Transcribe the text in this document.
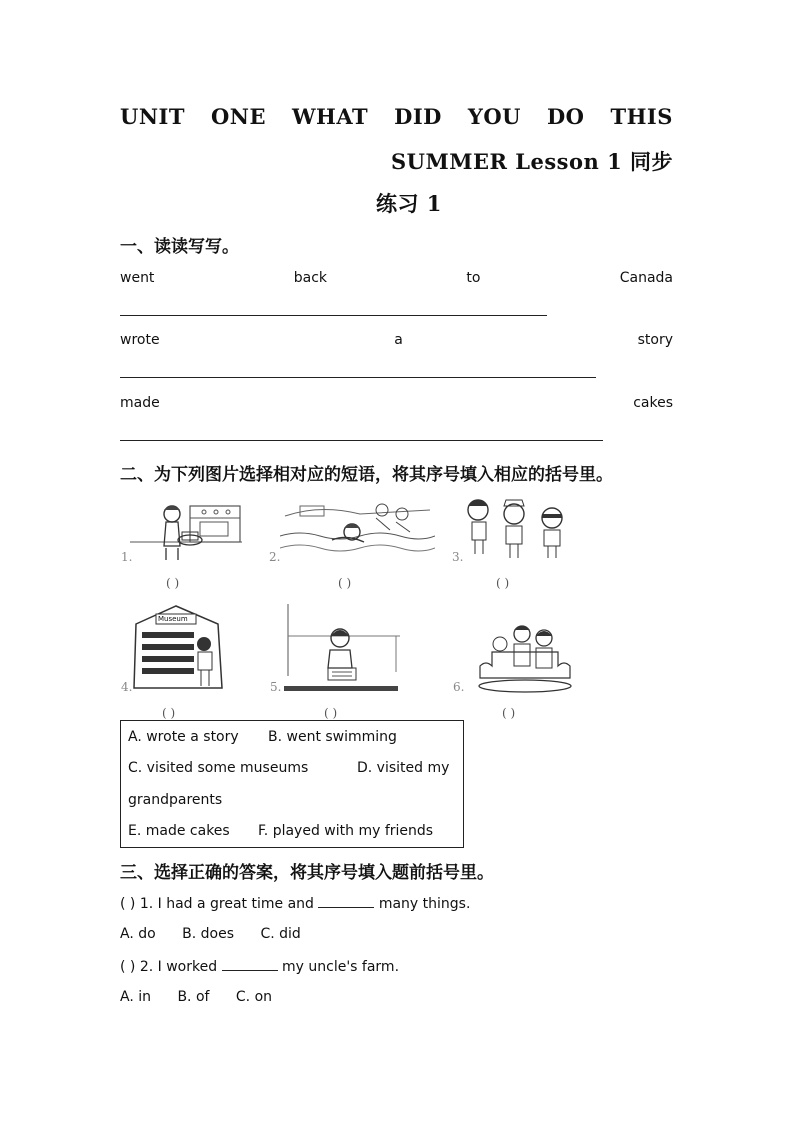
UNIT ONE WHAT DID YOU DO THIS
SUMMER Lesson 1 同步
练习 1
一、读读写写。
went	back	to	Canada
wrote	a	story
made	cakes
二、为下列图片选择相对应的短语，将其序号填入相应的括号里。
1.
( )
2.
( )
3.
( )
Museum
4.
( )
5.
( )
6.
( )
A. wrote a story B. went swimming
C. visited some museums	D. visited my
grandparents
E. made cakes F. played with my friends
三、选择正确的答案，将其序号填入题前括号里。
( ) 1. I had a great time and	many things.
A. do B. does C. did
( ) 2. I worked	my uncle's farm.
A. in B. of C. on
